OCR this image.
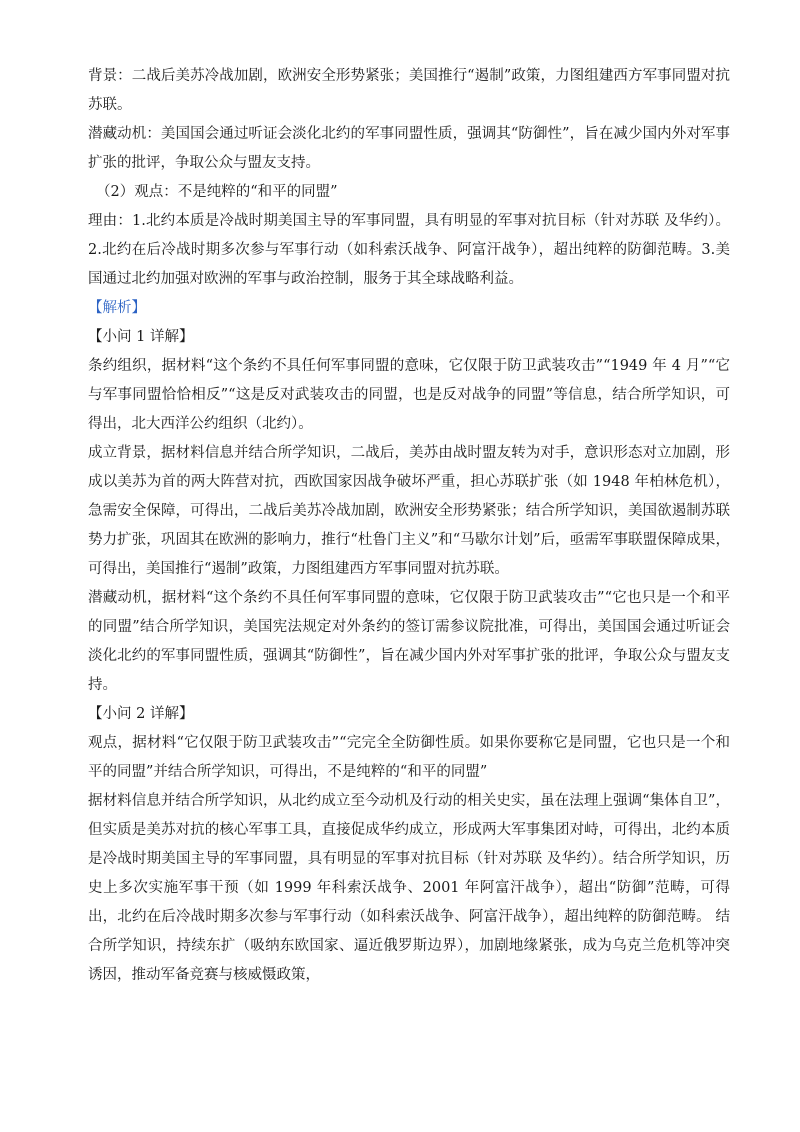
背景：二战后美苏冷战加剧，欧洲安全形势紧张；美国推行“遏制”政策，力图组建西方军事同盟对抗苏联。

潜藏动机：美国国会通过听证会淡化北约的军事同盟性质，强调其“防御性”，旨在减少国内外对军事扩张的批评，争取公众与盟友支持。

（2）观点：不是纯粹的“和平的同盟”

理由：1.北约本质是冷战时期美国主导的军事同盟，具有明显的军事对抗目标（针对苏联 及华约）。2.北约在后冷战时期多次参与军事行动（如科索沃战争、阿富汗战争），超出纯粹的防御范畴。3.美国通过北约加强对欧洲的军事与政治控制，服务于其全球战略利益。

【解析】

【小问 1 详解】

条约组织，据材料“这个条约不具任何军事同盟的意味，它仅限于防卫武装攻击”“1949 年 4 月”“它与军事同盟恰恰相反”“这是反对武装攻击的同盟，也是反对战争的同盟”等信息，结合所学知识，可得出，北大西洋公约组织（北约）。

成立背景，据材料信息并结合所学知识，二战后，美苏由战时盟友转为对手，意识形态对立加剧，形成以美苏为首的两大阵营对抗，西欧国家因战争破坏严重，担心苏联扩张（如 1948 年柏林危机），急需安全保障，可得出，二战后美苏冷战加剧，欧洲安全形势紧张；结合所学知识，美国欲遏制苏联势力扩张，巩固其在欧洲的影响力，推行“杜鲁门主义”和“马歇尔计划”后，亟需军事联盟保障成果，可得出，美国推行“遏制”政策，力图组建西方军事同盟对抗苏联。

潜藏动机，据材料“这个条约不具任何军事同盟的意味，它仅限于防卫武装攻击”“它也只是一个和平的同盟”结合所学知识，美国宪法规定对外条约的签订需参议院批准，可得出，美国国会通过听证会淡化北约的军事同盟性质，强调其“防御性”，旨在减少国内外对军事扩张的批评，争取公众与盟友支持。

【小问 2 详解】

观点，据材料“它仅限于防卫武装攻击”“完完全全防御性质。如果你要称它是同盟，它也只是一个和平的同盟”并结合所学知识，可得出，不是纯粹的“和平的同盟”

据材料信息并结合所学知识，从北约成立至今动机及行动的相关史实，虽在法理上强调“集体自卫”，但实质是美苏对抗的核心军事工具，直接促成华约成立，形成两大军事集团对峙，可得出，北约本质是冷战时期美国主导的军事同盟，具有明显的军事对抗目标（针对苏联 及华约）。结合所学知识，历史上多次实施军事干预（如 1999 年科索沃战争、2001 年阿富汗战争），超出“防御”范畴，可得出，北约在后冷战时期多次参与军事行动（如科索沃战争、阿富汗战争），超出纯粹的防御范畴。 结合所学知识，持续东扩（吸纳东欧国家、逼近俄罗斯边界），加剧地缘紧张，成为乌克兰危机等冲突诱因，推动军备竞赛与核威慑政策，
